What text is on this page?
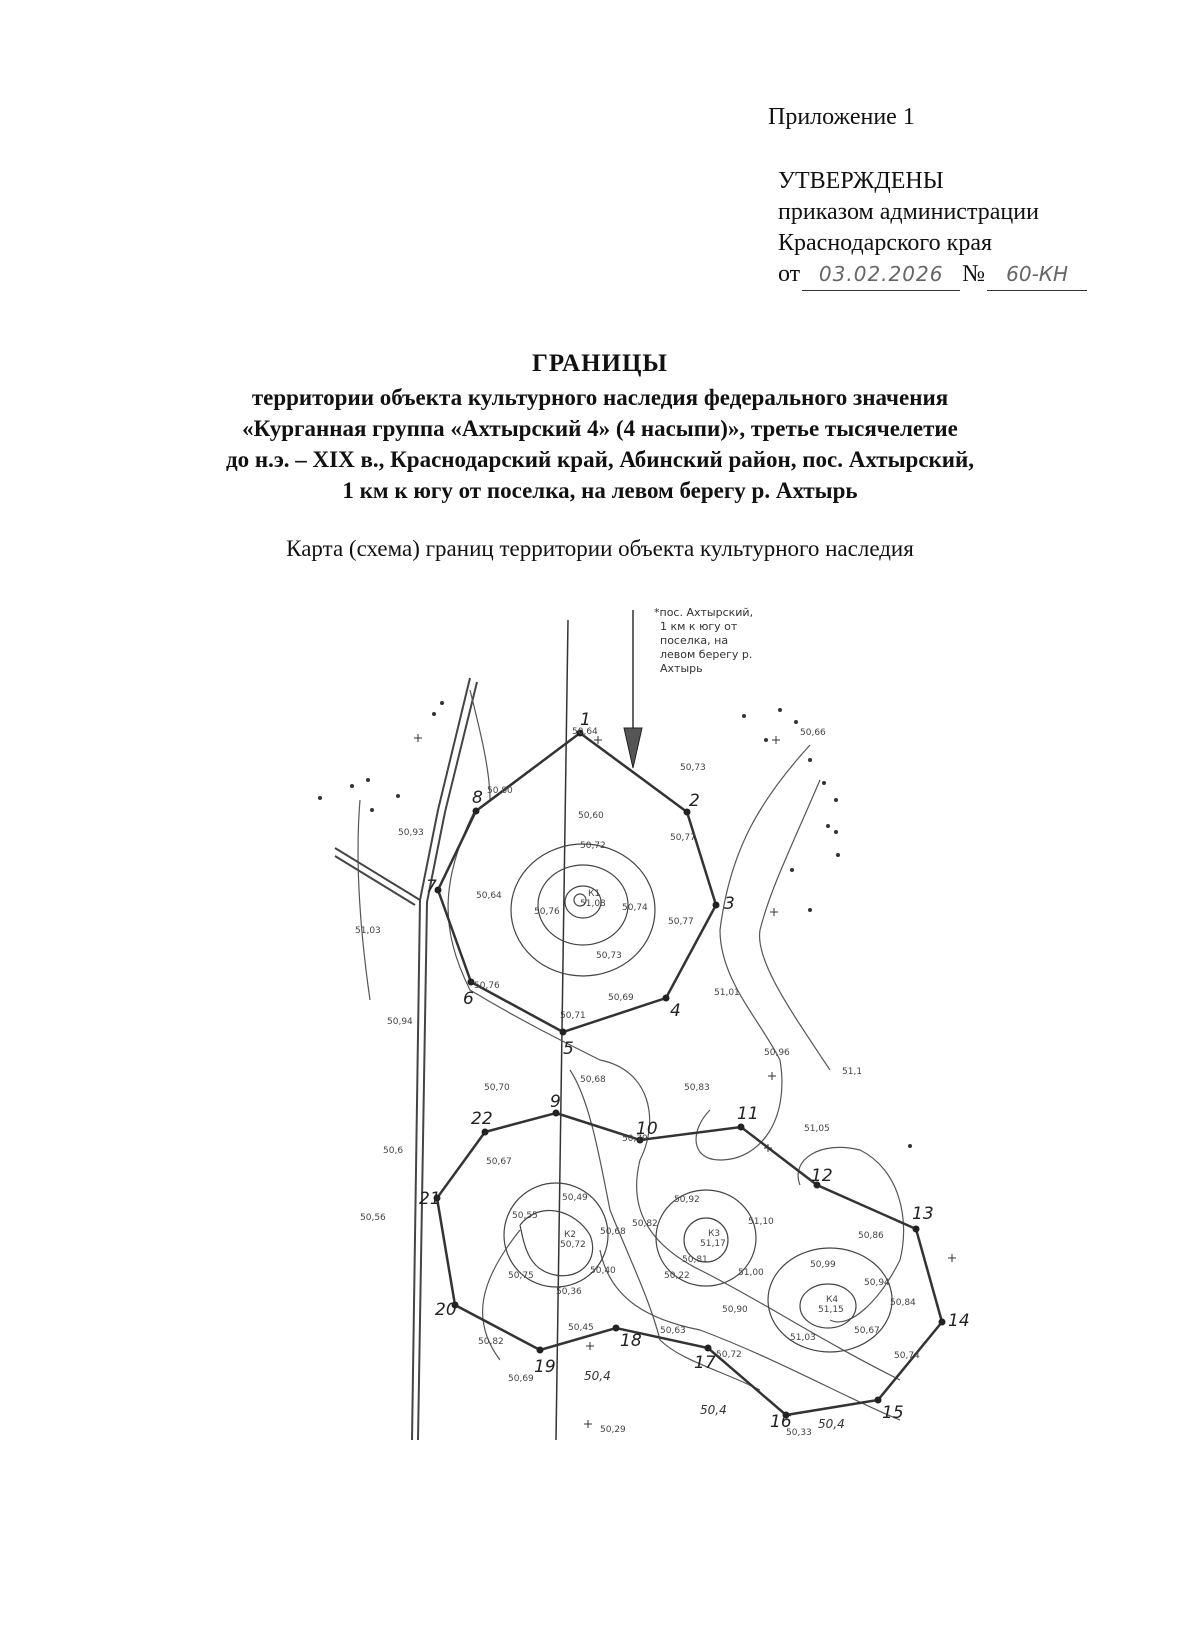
Приложение 1
УТВЕРЖДЕНЫ
приказом администрации
Краснодарского края
от 03.02.2026 №	60-КН
ГРАНИЦЫ
территории объекта культурного наследия федерального значения
«Курганная группа «Ахтырский 4» (4 насыпи)», третье тысячелетие
до н.э. – XIX в., Краснодарский край, Абинский район, пос. Ахтырский,
1 км к югу от поселка, на левом берегу р. Ахтырь
Карта (схема) границ территории объекта культурного наследия
1
2
3
4
5
6
7
8
9
10
11
12
13
14
15
16
17
18
19
20
21
22
К1
51,08
К2
50,72
К3
51,17
К4
51,15
50,4
50,4
50,4
50,64
50,73
50,66
50,80
50,60
50,77
50,93
50,72
50,64
50,76	50,74
50,77
51,03
50,73
50,76
50,69	51,01
50,71
50,94
50,96
51,1
50,70
50,68
50,83
50,79
51,05
50,6
50,67
50,49
50,55
50,68
50,92
51,10
50,82
50,86
50,40
50,75
50,81
51,00
50,99
50,94
50,22
50,36
50,90
50,84
50,67
50,45	50,63
51,03
50,82
50,72	50,74
50,69
50,29	50,33
50,56
*пос. Ахтырский,
1 км к югу от
поселка, на
левом берегу р.
Ахтырь
